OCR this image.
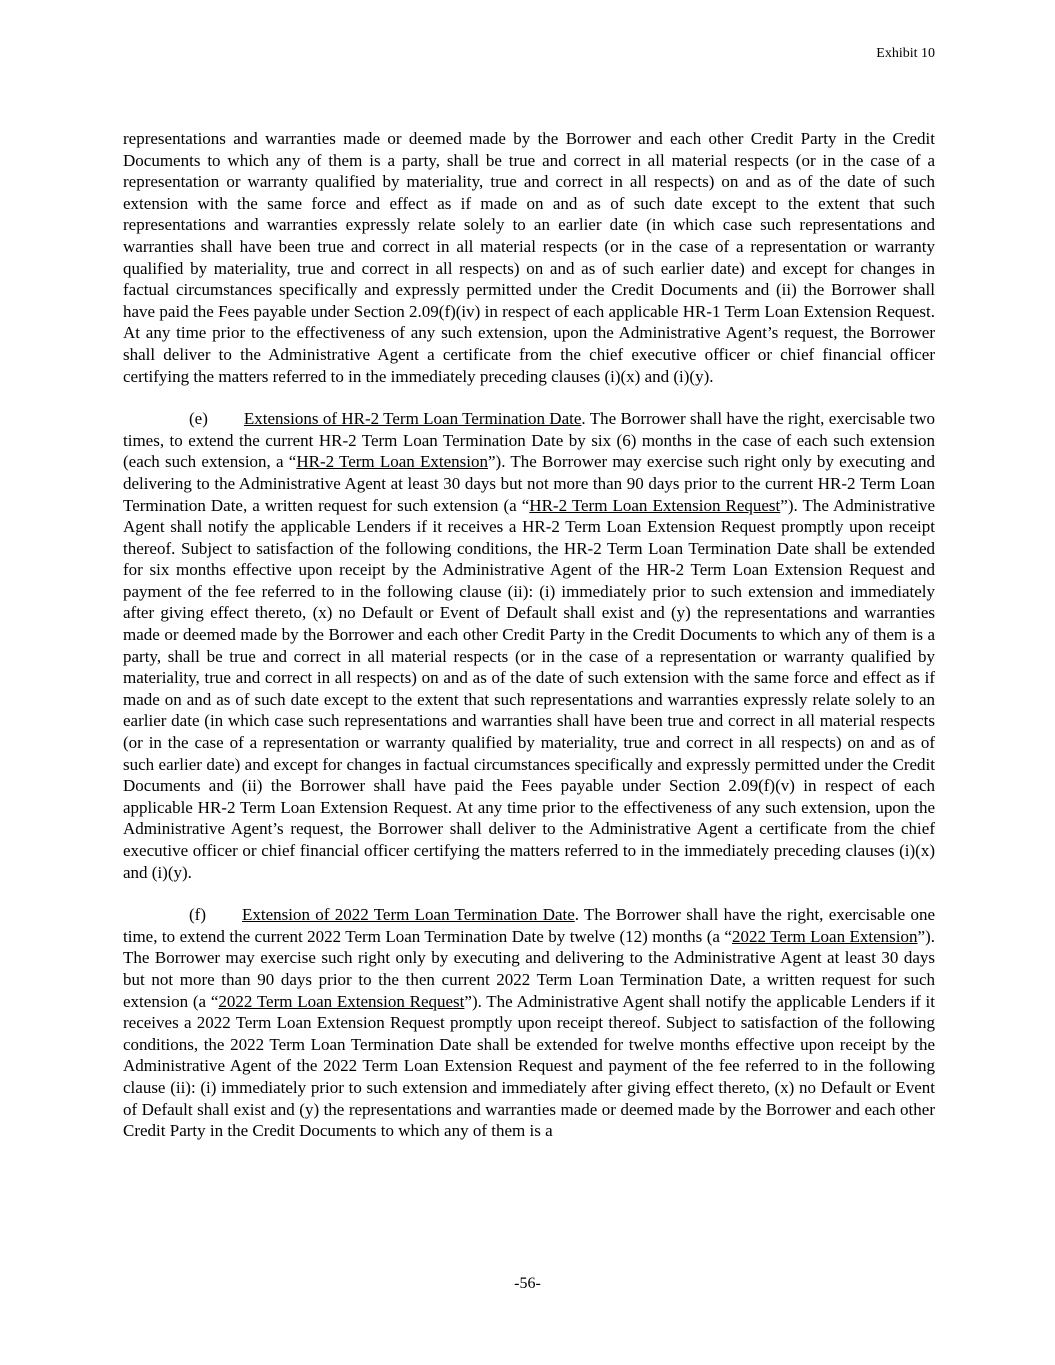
Exhibit 10

representations and warranties made or deemed made by the Borrower and each other Credit Party in the Credit Documents to which any of them is a party, shall be true and correct in all material respects (or in the case of a representation or warranty qualified by materiality, true and correct in all respects) on and as of the date of such extension with the same force and effect as if made on and as of such date except to the extent that such representations and warranties expressly relate solely to an earlier date (in which case such representations and warranties shall have been true and correct in all material respects (or in the case of a representation or warranty qualified by materiality, true and correct in all respects) on and as of such earlier date) and except for changes in factual circumstances specifically and expressly permitted under the Credit Documents and (ii) the Borrower shall have paid the Fees payable under Section 2.09(f)(iv) in respect of each applicable HR-1 Term Loan Extension Request. At any time prior to the effectiveness of any such extension, upon the Administrative Agent’s request, the Borrower shall deliver to the Administrative Agent a certificate from the chief executive officer or chief financial officer certifying the matters referred to in the immediately preceding clauses (i)(x) and (i)(y).

(e) Extensions of HR-2 Term Loan Termination Date. The Borrower shall have the right, exercisable two times, to extend the current HR-2 Term Loan Termination Date by six (6) months in the case of each such extension (each such extension, a “HR-2 Term Loan Extension”). The Borrower may exercise such right only by executing and delivering to the Administrative Agent at least 30 days but not more than 90 days prior to the current HR-2 Term Loan Termination Date, a written request for such extension (a “HR-2 Term Loan Extension Request”). The Administrative Agent shall notify the applicable Lenders if it receives a HR-2 Term Loan Extension Request promptly upon receipt thereof. Subject to satisfaction of the following conditions, the HR-2 Term Loan Termination Date shall be extended for six months effective upon receipt by the Administrative Agent of the HR-2 Term Loan Extension Request and payment of the fee referred to in the following clause (ii): (i) immediately prior to such extension and immediately after giving effect thereto, (x) no Default or Event of Default shall exist and (y) the representations and warranties made or deemed made by the Borrower and each other Credit Party in the Credit Documents to which any of them is a party, shall be true and correct in all material respects (or in the case of a representation or warranty qualified by materiality, true and correct in all respects) on and as of the date of such extension with the same force and effect as if made on and as of such date except to the extent that such representations and warranties expressly relate solely to an earlier date (in which case such representations and warranties shall have been true and correct in all material respects (or in the case of a representation or warranty qualified by materiality, true and correct in all respects) on and as of such earlier date) and except for changes in factual circumstances specifically and expressly permitted under the Credit Documents and (ii) the Borrower shall have paid the Fees payable under Section 2.09(f)(v) in respect of each applicable HR-2 Term Loan Extension Request. At any time prior to the effectiveness of any such extension, upon the Administrative Agent’s request, the Borrower shall deliver to the Administrative Agent a certificate from the chief executive officer or chief financial officer certifying the matters referred to in the immediately preceding clauses (i)(x) and (i)(y).

(f) Extension of 2022 Term Loan Termination Date. The Borrower shall have the right, exercisable one time, to extend the current 2022 Term Loan Termination Date by twelve (12) months (a “2022 Term Loan Extension”). The Borrower may exercise such right only by executing and delivering to the Administrative Agent at least 30 days but not more than 90 days prior to the then current 2022 Term Loan Termination Date, a written request for such extension (a “2022 Term Loan Extension Request”). The Administrative Agent shall notify the applicable Lenders if it receives a 2022 Term Loan Extension Request promptly upon receipt thereof. Subject to satisfaction of the following conditions, the 2022 Term Loan Termination Date shall be extended for twelve months effective upon receipt by the Administrative Agent of the 2022 Term Loan Extension Request and payment of the fee referred to in the following clause (ii): (i) immediately prior to such extension and immediately after giving effect thereto, (x) no Default or Event of Default shall exist and (y) the representations and warranties made or deemed made by the Borrower and each other Credit Party in the Credit Documents to which any of them is a

-56-
